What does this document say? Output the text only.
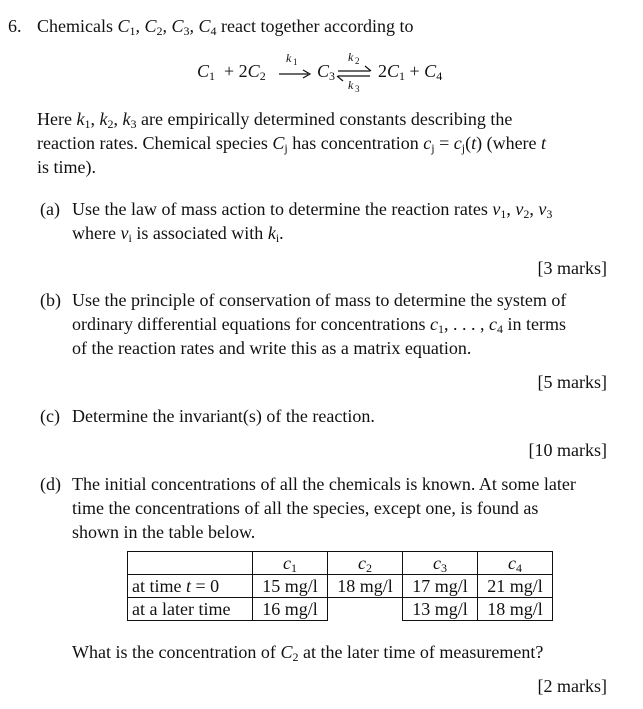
6. Chemicals $C_1$, $C_2$, $C_3$, $C_4$ react together according to
$C_1 + 2C_2$
k 1 $C_3$
k 2
k 3
$2C_1 + C_4$
Here $k_1$, $k_2$, $k_3$ are empirically determined constants describing the
reaction rates. Chemical species $C_j$ has concentration $c_j = c_j(t)$ (where t
is time).
(a) Use the law of mass action to determine the reaction rates $v_1$, $v_2$, $v_3$
where $v_i$ is associated with $k_i$.
[3 marks]
(b) Use the principle of conservation of mass to determine the system of
ordinary differential equations for concentrations $c_1$, . . . , $c_4$ in terms
of the reaction rates and write this as a matrix equation.
[5 marks]
(c) Determine the invariant(s) of the reaction.
[10 marks]
(d) The initial concentrations of all the chemicals is known. At some later
time the concentrations of all the species, except one, is found as
shown in the table below.
	$c_1$	$c_2$	$c_3$	$c_4$
at time t = 0	15 mg/l	18 mg/l	17 mg/l	21 mg/l
at a later time	16 mg/l		13 mg/l	18 mg/l
What is the concentration of $C_2$ at the later time of measurement?
[2 marks]
